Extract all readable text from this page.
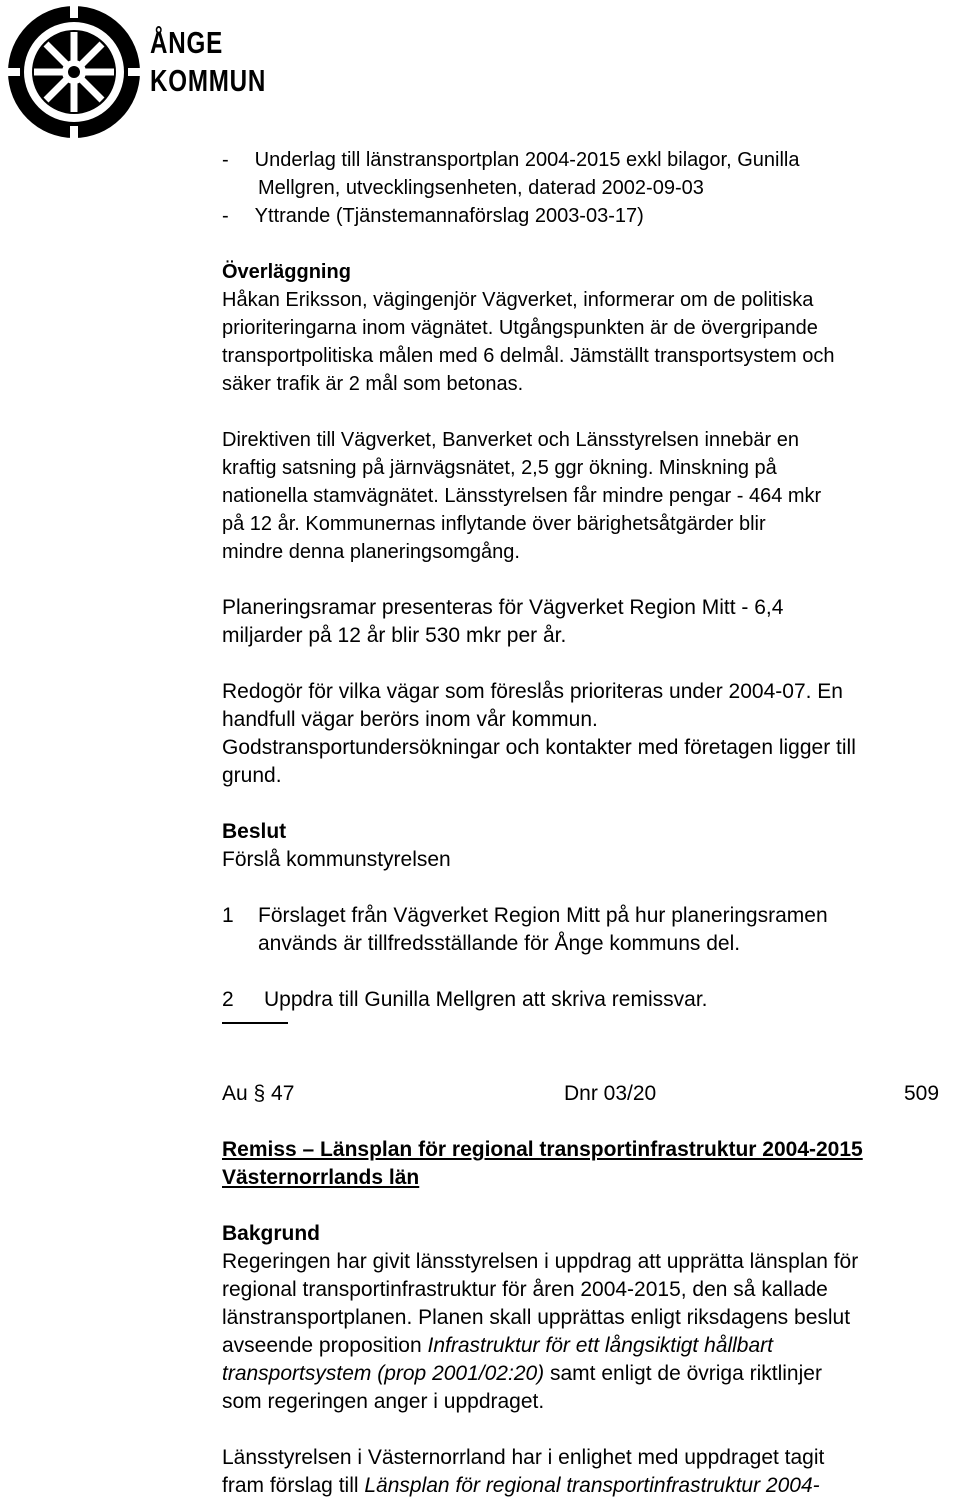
ÅNGE
KOMMUN
- Underlag till länstransportplan 2004-2015 exkl bilagor, Gunilla
Mellgren, utvecklingsenheten, daterad 2002-09-03
- Yttrande (Tjänstemannaförslag 2003-03-17)
Överläggning
Håkan Eriksson, vägingenjör Vägverket, informerar om de politiska
prioriteringarna inom vägnätet. Utgångspunkten är de övergripande
transportpolitiska målen med 6 delmål. Jämställt transportsystem och
säker trafik är 2 mål som betonas.
Direktiven till Vägverket, Banverket och Länsstyrelsen innebär en
kraftig satsning på järnvägsnätet, 2,5 ggr ökning. Minskning på
nationella stamvägnätet. Länsstyrelsen får mindre pengar - 464 mkr
på 12 år. Kommunernas inflytande över bärighetsåtgärder blir
mindre denna planeringsomgång.
Planeringsramar presenteras för Vägverket Region Mitt - 6,4
miljarder på 12 år blir 530 mkr per år.
Redogör för vilka vägar som föreslås prioriteras under 2004-07. En
handfull vägar berörs inom vår kommun.
Godstransportundersökningar och kontakter med företagen ligger till
grund.
Beslut
Förslå kommunstyrelsen
1 Förslaget från Vägverket Region Mitt på hur planeringsramen
används är tillfredsställande för Ånge kommuns del.
2 Uppdra till Gunilla Mellgren att skriva remissvar.
Au § 47	Dnr 03/20	509
Remiss – Länsplan för regional transportinfrastruktur 2004-2015
Västernorrlands län
Bakgrund
Regeringen har givit länsstyrelsen i uppdrag att upprätta länsplan för
regional transportinfrastruktur för åren 2004-2015, den så kallade
länstransportplanen. Planen skall upprättas enligt riksdagens beslut
avseende proposition Infrastruktur för ett långsiktigt hållbart
transportsystem (prop 2001/02:20) samt enligt de övriga riktlinjer
som regeringen anger i uppdraget.
Länsstyrelsen i Västernorrland har i enlighet med uppdraget tagit
fram förslag till Länsplan för regional transportinfrastruktur 2004-
